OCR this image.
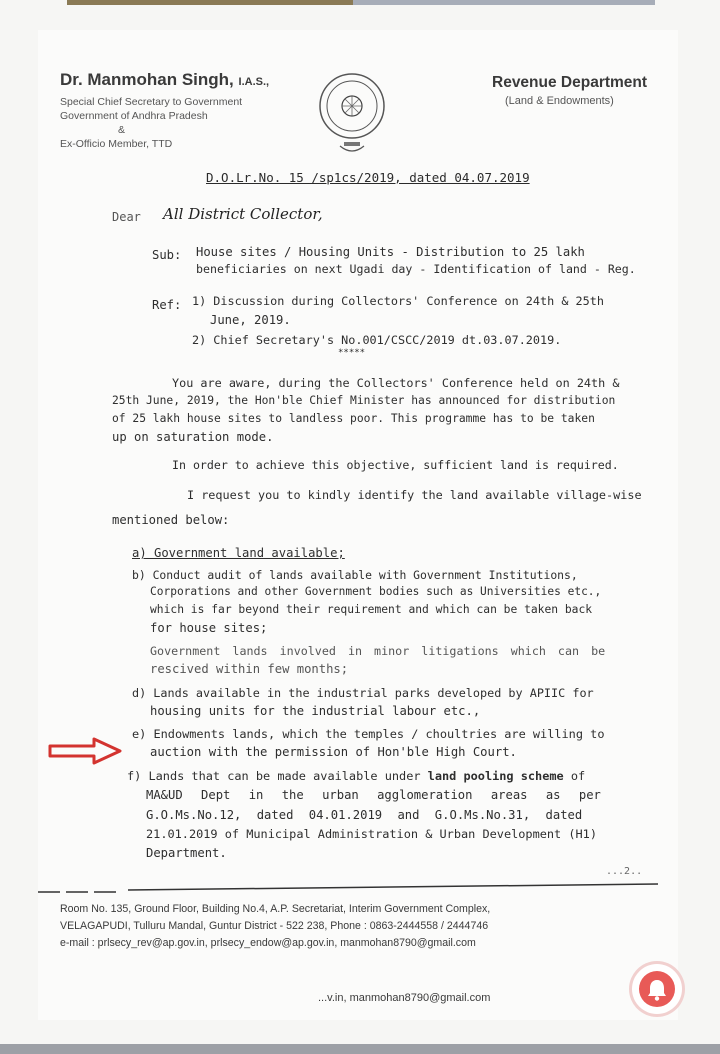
Dr. Manmohan Singh, I.A.S.,
Special Chief Secretary to Government
Government of Andhra Pradesh
&
Ex-Officio Member, TTD
Revenue Department
(Land & Endowments)
D.O.Lr.No. 15 /sp1cs/2019, dated 04.07.2019
Dear All District Collector,
Sub: House sites / Housing Units - Distribution to 25 lakh
beneficiaries on next Ugadi day - Identification of land - Reg.
Ref: 1) Discussion during Collectors' Conference on 24th & 25th
June, 2019.
2) Chief Secretary's No.001/CSCC/2019 dt.03.07.2019.
*****
You are aware, during the Collectors' Conference held on 24th &
25th June, 2019, the Hon'ble Chief Minister has announced for distribution
of 25 lakh house sites to landless poor. This programme has to be taken
up on saturation mode.
In order to achieve this objective, sufficient land is required.
I request you to kindly identify the land available village-wise
mentioned below:
a) Government land available;
b) Conduct audit of lands available with Government Institutions,
Corporations and other Government bodies such as Universities etc.,
which is far beyond their requirement and which can be taken back
for house sites;
Government lands involved in minor litigations which can be
rescived within few months;
d) Lands available in the industrial parks developed by APIIC for
housing units for the industrial labour etc.,
e) Endowments lands, which the temples / choultries are willing to
auction with the permission of Hon'ble High Court.
f) Lands that can be made available under land pooling scheme of
MA&UD Dept in the urban agglomeration areas as per
G.O.Ms.No.12, dated 04.01.2019 and G.O.Ms.No.31, dated
21.01.2019 of Municipal Administration & Urban Development (H1)
Department.
...2..
Room No. 135, Ground Floor, Building No.4, A.P. Secretariat, Interim Government Complex,
VELAGAPUDI, Tulluru Mandal, Guntur District - 522 238, Phone : 0863-2444558 / 2444746
e-mail : prlsecy_rev@ap.gov.in, prlsecy_endow@ap.gov.in, manmohan8790@gmail.com
...v.in, manmohan8790@gmail.com
